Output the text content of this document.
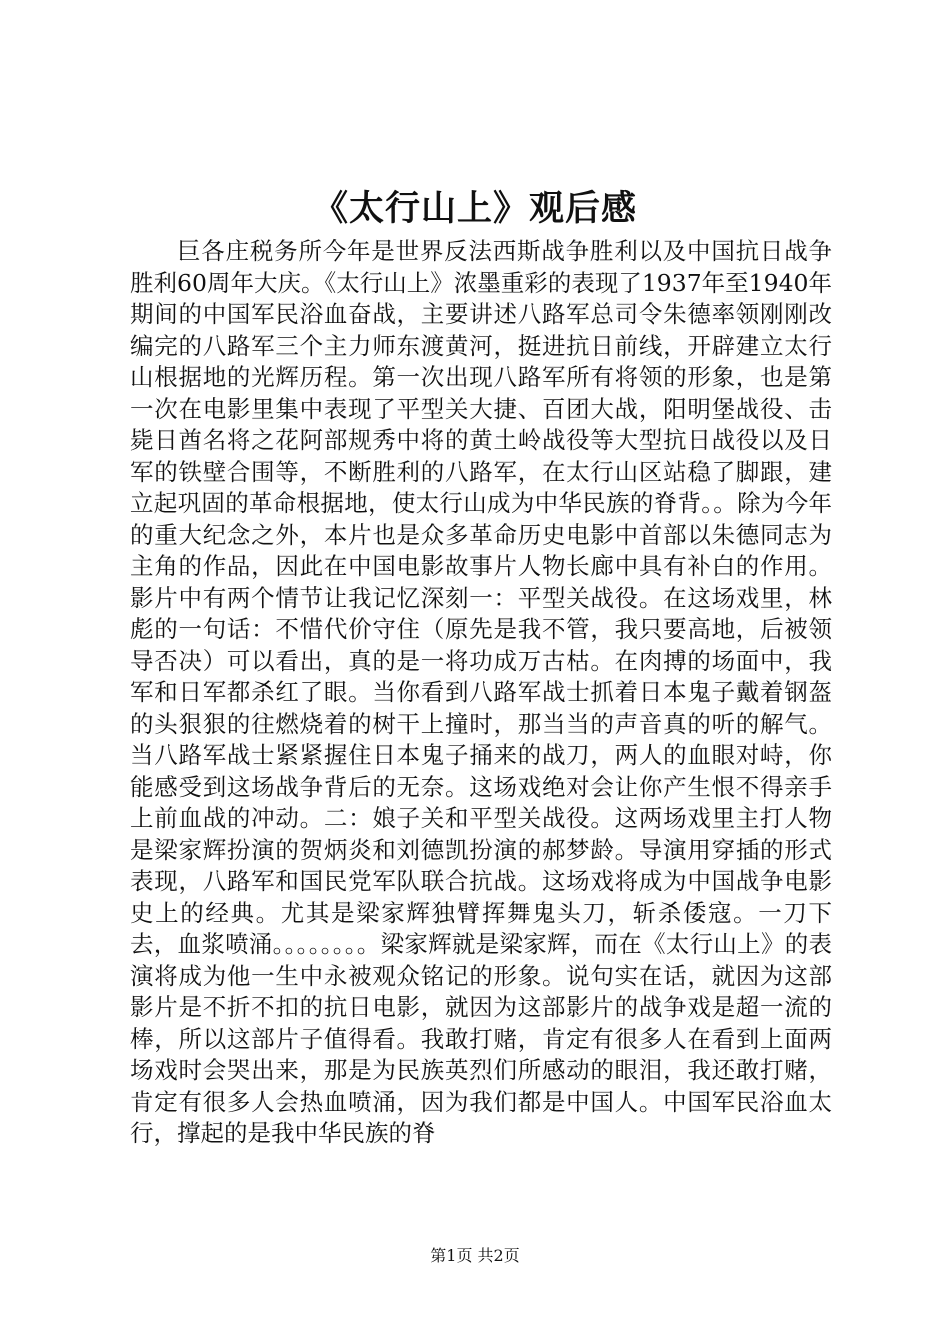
《太行山上》观后感

巨各庄税务所今年是世界反法西斯战争胜利以及中国抗日战争胜利60周年大庆。《太行山上》浓墨重彩的表现了1937年至1940年期间的中国军民浴血奋战，主要讲述八路军总司令朱德率领刚刚改编完的八路军三个主力师东渡黄河，挺进抗日前线，开辟建立太行山根据地的光辉历程。第一次出现八路军所有将领的形象，也是第一次在电影里集中表现了平型关大捷、百团大战，阳明堡战役、击毙日酋名将之花阿部规秀中将的黄土岭战役等大型抗日战役以及日军的铁壁合围等，不断胜利的八路军，在太行山区站稳了脚跟，建立起巩固的革命根据地，使太行山成为中华民族的脊背。。除为今年的重大纪念之外，本片也是众多革命历史电影中首部以朱德同志为主角的作品，因此在中国电影故事片人物长廊中具有补白的作用。影片中有两个情节让我记忆深刻一：平型关战役。在这场戏里，林彪的一句话：不惜代价守住（原先是我不管，我只要高地，后被领导否决）可以看出，真的是一将功成万古枯。在肉搏的场面中，我军和日军都杀红了眼。当你看到八路军战士抓着日本鬼子戴着钢盔的头狠狠的往燃烧着的树干上撞时，那当当的声音真的听的解气。当八路军战士紧紧握住日本鬼子捅来的战刀，两人的血眼对峙，你能感受到这场战争背后的无奈。这场戏绝对会让你产生恨不得亲手上前血战的冲动。二：娘子关和平型关战役。这两场戏里主打人物是梁家辉扮演的贺炳炎和刘德凯扮演的郝梦龄。导演用穿插的形式表现，八路军和国民党军队联合抗战。这场戏将成为中国战争电影史上的经典。尤其是梁家辉独臂挥舞鬼头刀，斩杀倭寇。一刀下去，血浆喷涌。。。。。。。。梁家辉就是梁家辉，而在《太行山上》的表演将成为他一生中永被观众铭记的形象。说句实在话，就因为这部影片是不折不扣的抗日电影，就因为这部影片的战争戏是超一流的棒，所以这部片子值得看。我敢打赌，肯定有很多人在看到上面两场戏时会哭出来，那是为民族英烈们所感动的眼泪，我还敢打赌，肯定有很多人会热血喷涌，因为我们都是中国人。中国军民浴血太行，撑起的是我中华民族的脊

第1页 共2页
